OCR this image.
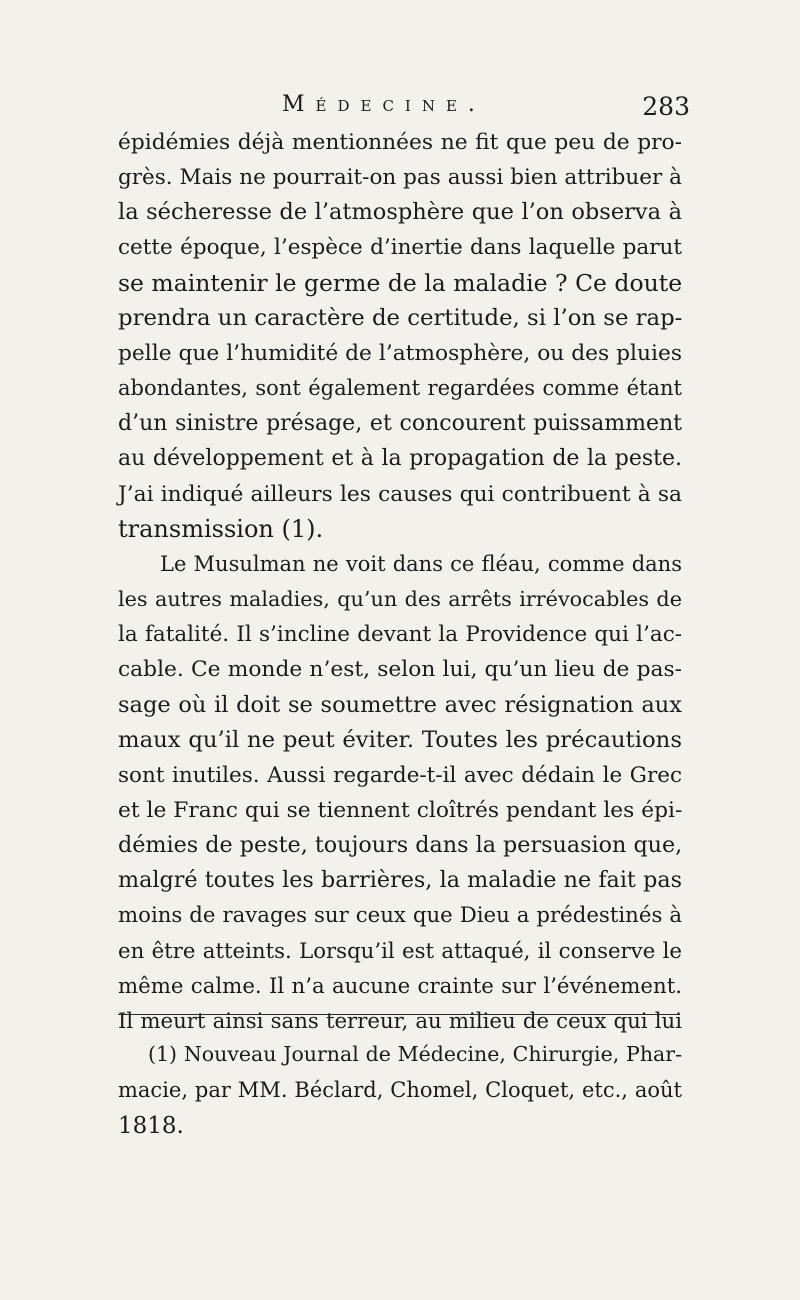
Médecine.	283
épidémies déjà mentionnées ne fit que peu de pro-
grès. Mais ne pourrait-on pas aussi bien attribuer à
la sécheresse de l’atmosphère que l’on observa à
cette époque, l’espèce d’inertie dans laquelle parut
se maintenir le germe de la maladie ? Ce doute
prendra un caractère de certitude, si l’on se rap-
pelle que l’humidité de l’atmosphère, ou des pluies
abondantes, sont également regardées comme étant
d’un sinistre présage, et concourent puissamment
au développement et à la propagation de la peste.
J’ai indiqué ailleurs les causes qui contribuent à sa
transmission (1).
Le Musulman ne voit dans ce fléau, comme dans
les autres maladies, qu’un des arrêts irrévocables de
la fatalité. Il s’incline devant la Providence qui l’ac-
cable. Ce monde n’est, selon lui, qu’un lieu de pas-
sage où il doit se soumettre avec résignation aux
maux qu’il ne peut éviter. Toutes les précautions
sont inutiles. Aussi regarde-t-il avec dédain le Grec
et le Franc qui se tiennent cloîtrés pendant les épi-
démies de peste, toujours dans la persuasion que,
malgré toutes les barrières, la maladie ne fait pas
moins de ravages sur ceux que Dieu a prédestinés à
en être atteints. Lorsqu’il est attaqué, il conserve le
même calme. Il n’a aucune crainte sur l’événement.
Il meurt ainsi sans terreur, au milieu de ceux qui lui
(1) Nouveau Journal de Médecine, Chirurgie, Phar-
macie, par MM. Béclard, Chomel, Cloquet, etc., août
1818.
